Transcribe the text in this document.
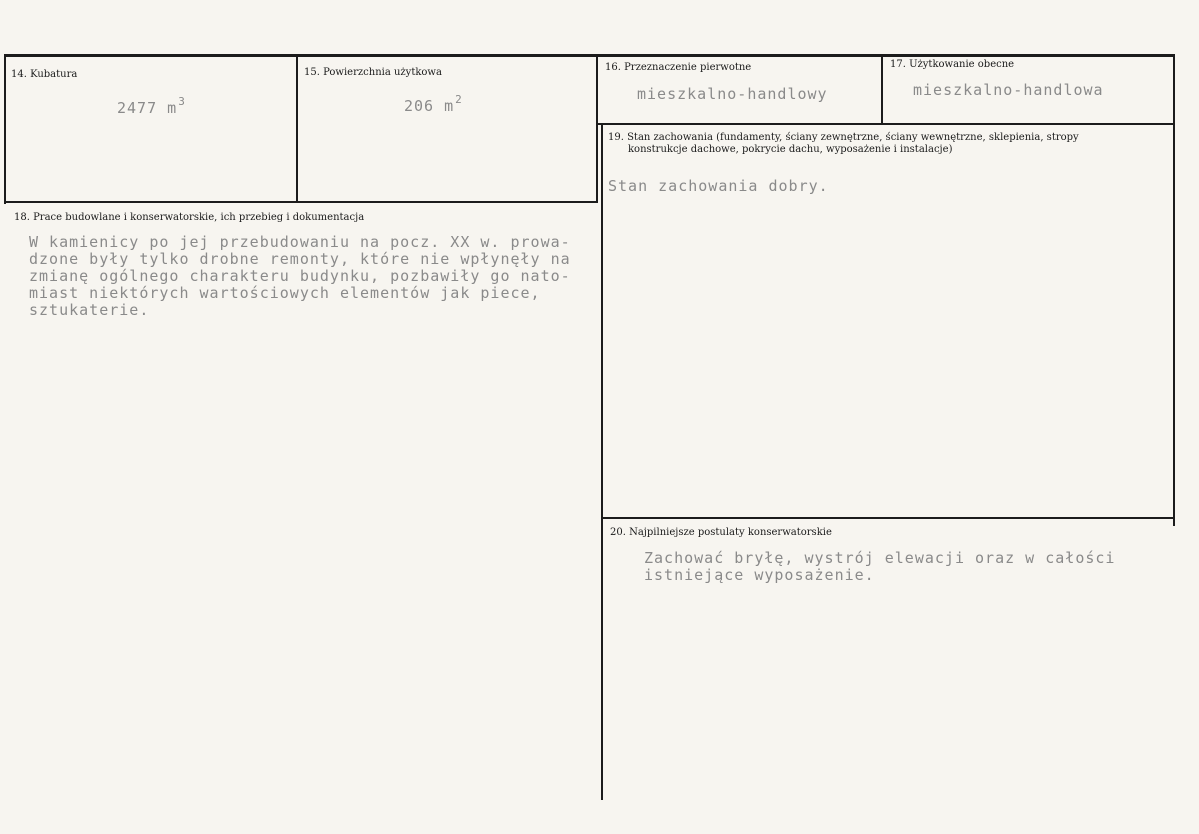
14. Kubatura
2477 $m^3$
15. Powierzchnia użytkowa
206 $m^2$
16. Przeznaczenie pierwotne
mieszkalno-handlowy
17. Użytkowanie obecne
mieszkalno-handlowa
19. Stan zachowania (fundamenty, ściany zewnętrzne, ściany wewnętrzne, sklepienia, stropy
konstrukcje dachowe, pokrycie dachu, wyposażenie i instalacje)
Stan zachowania dobry.
18. Prace budowlane i konserwatorskie, ich przebieg i dokumentacja
W kamienicy po jej przebudowaniu na pocz. XX w. prowa-
dzone były tylko drobne remonty, które nie wpłynęły na
zmianę ogólnego charakteru budynku, pozbawiły go nato-
miast niektórych wartościowych elementów jak piece,
sztukaterie.
20. Najpilniejsze postulaty konserwatorskie
Zachować bryłę, wystrój elewacji oraz w całości
istniejące wyposażenie.
